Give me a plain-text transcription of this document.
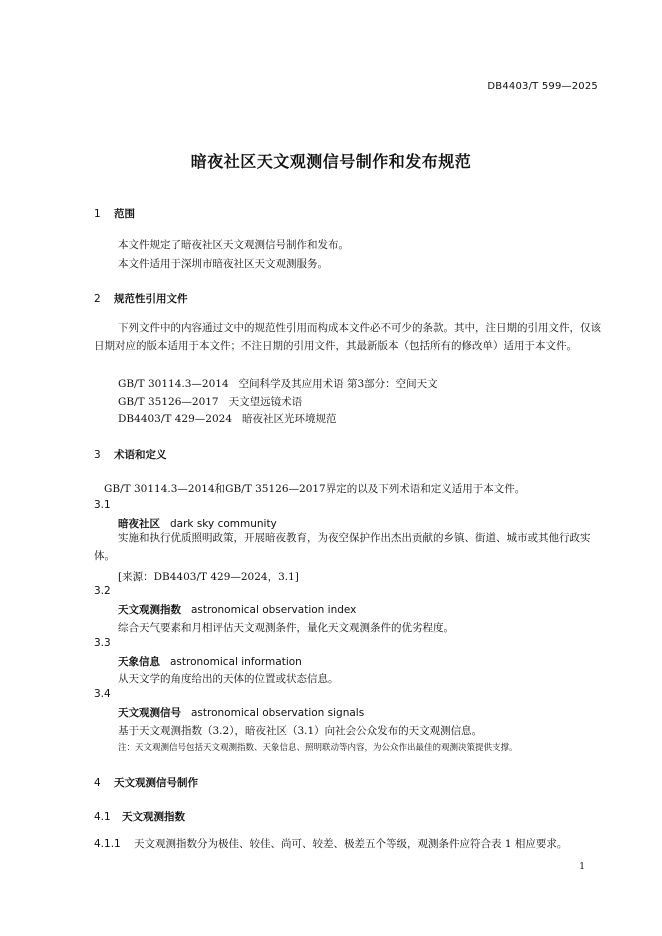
DB4403/T 599—2025
暗夜社区天文观测信号制作和发布规范
1 范围
本文件规定了暗夜社区天文观测信号制作和发布。
本文件适用于深圳市暗夜社区天文观测服务。
2 规范性引用文件
下列文件中的内容通过文中的规范性引用而构成本文件必不可少的条款。其中，注日期的引用文件，仅该日期对应的版本适用于本文件；不注日期的引用文件，其最新版本（包括所有的修改单）适用于本文件。
GB/T 30114.3—2014 空间科学及其应用术语 第3部分：空间天文
GB/T 35126—2017 天文望远镜术语
DB4403/T 429—2024 暗夜社区光环境规范
3 术语和定义
GB/T 30114.3—2014和GB/T 35126—2017界定的以及下列术语和定义适用于本文件。
3.1
暗夜社区 dark sky community
实施和执行优质照明政策，开展暗夜教育，为夜空保护作出杰出贡献的乡镇、街道、城市或其他行政实体。
[来源：DB4403/T 429—2024，3.1]
3.2
天文观测指数 astronomical observation index
综合天气要素和月相评估天文观测条件，量化天文观测条件的优劣程度。
3.3
天象信息 astronomical information
从天文学的角度给出的天体的位置或状态信息。
3.4
天文观测信号 astronomical observation signals
基于天文观测指数（3.2），暗夜社区（3.1）向社会公众发布的天文观测信息。
注：天文观测信号包括天文观测指数、天象信息、照明联动等内容，为公众作出最佳的观测决策提供支撑。
4 天文观测信号制作
4.1 天文观测指数
4.1.1 天文观测指数分为极佳、较佳、尚可、较差、极差五个等级，观测条件应符合表 1 相应要求。
1
